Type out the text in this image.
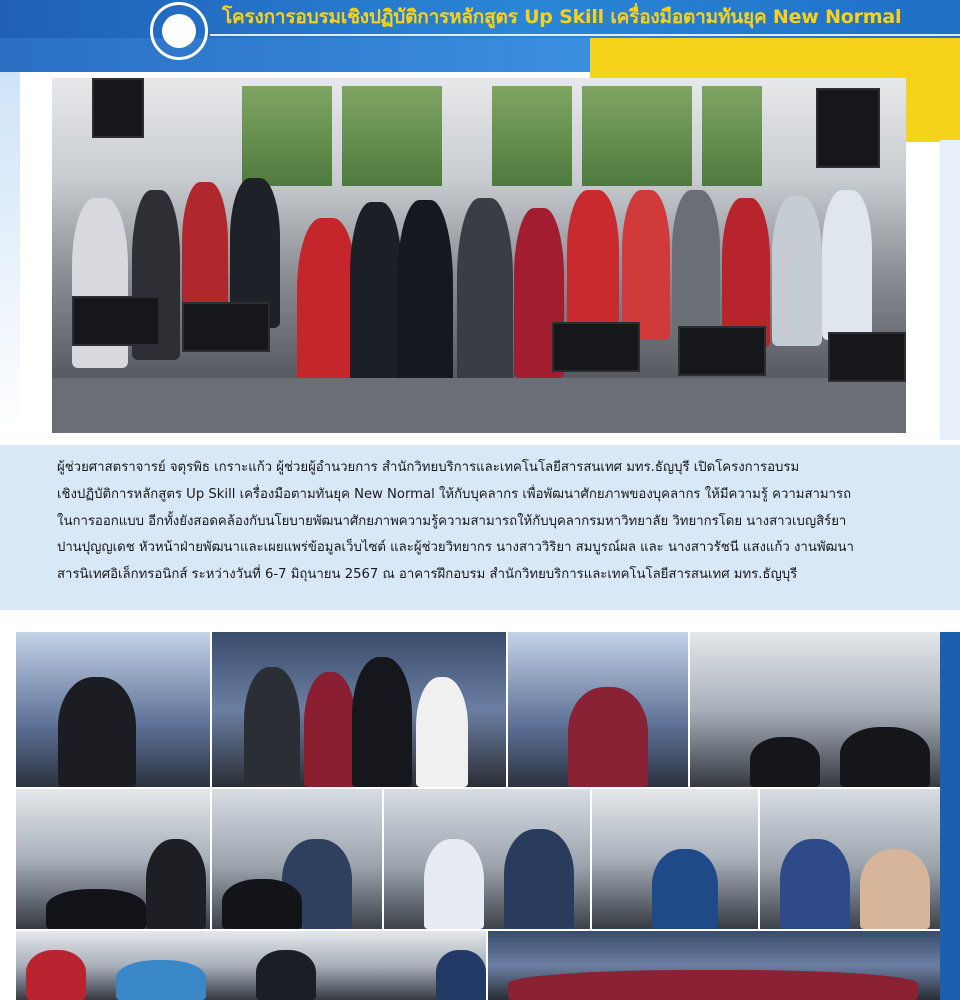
โครงการอบรมเชิงปฏิบัติการหลักสูตร Up Skill เครื่องมือตามทันยุค New Normal
ผู้ช่วยศาสตราจารย์ จตุรพิธ เกราะแก้ว ผู้ช่วยผู้อำนวยการ สำนักวิทยบริการและเทคโนโลยีสารสนเทศ มทร.ธัญบุรี เปิดโครงการอบรม
เชิงปฏิบัติการหลักสูตร Up Skill เครื่องมือตามทันยุค New Normal ให้กับบุคลากร เพื่อพัฒนาศักยภาพของบุคลากร ให้มีความรู้ ความสามารถ
ในการออกแบบ อีกทั้งยังสอดคล้องกับนโยบายพัฒนาศักยภาพความรู้ความสามารถให้กับบุคลากรมหาวิทยาลัย วิทยากรโดย นางสาวเบญสิร์ยา
ปานปุญญเดช หัวหน้าฝ่ายพัฒนาและเผยแพร่ข้อมูลเว็บไซต์ และผู้ช่วยวิทยากร นางสาววิริยา สมบูรณ์ผล และ นางสาวรัชนี แสงแก้ว งานพัฒนา
สารนิเทศอิเล็กทรอนิกส์ ระหว่างวันที่ 6-7 มิถุนายน 2567 ณ อาคารฝึกอบรม สำนักวิทยบริการและเทคโนโลยีสารสนเทศ มทร.ธัญบุรี
